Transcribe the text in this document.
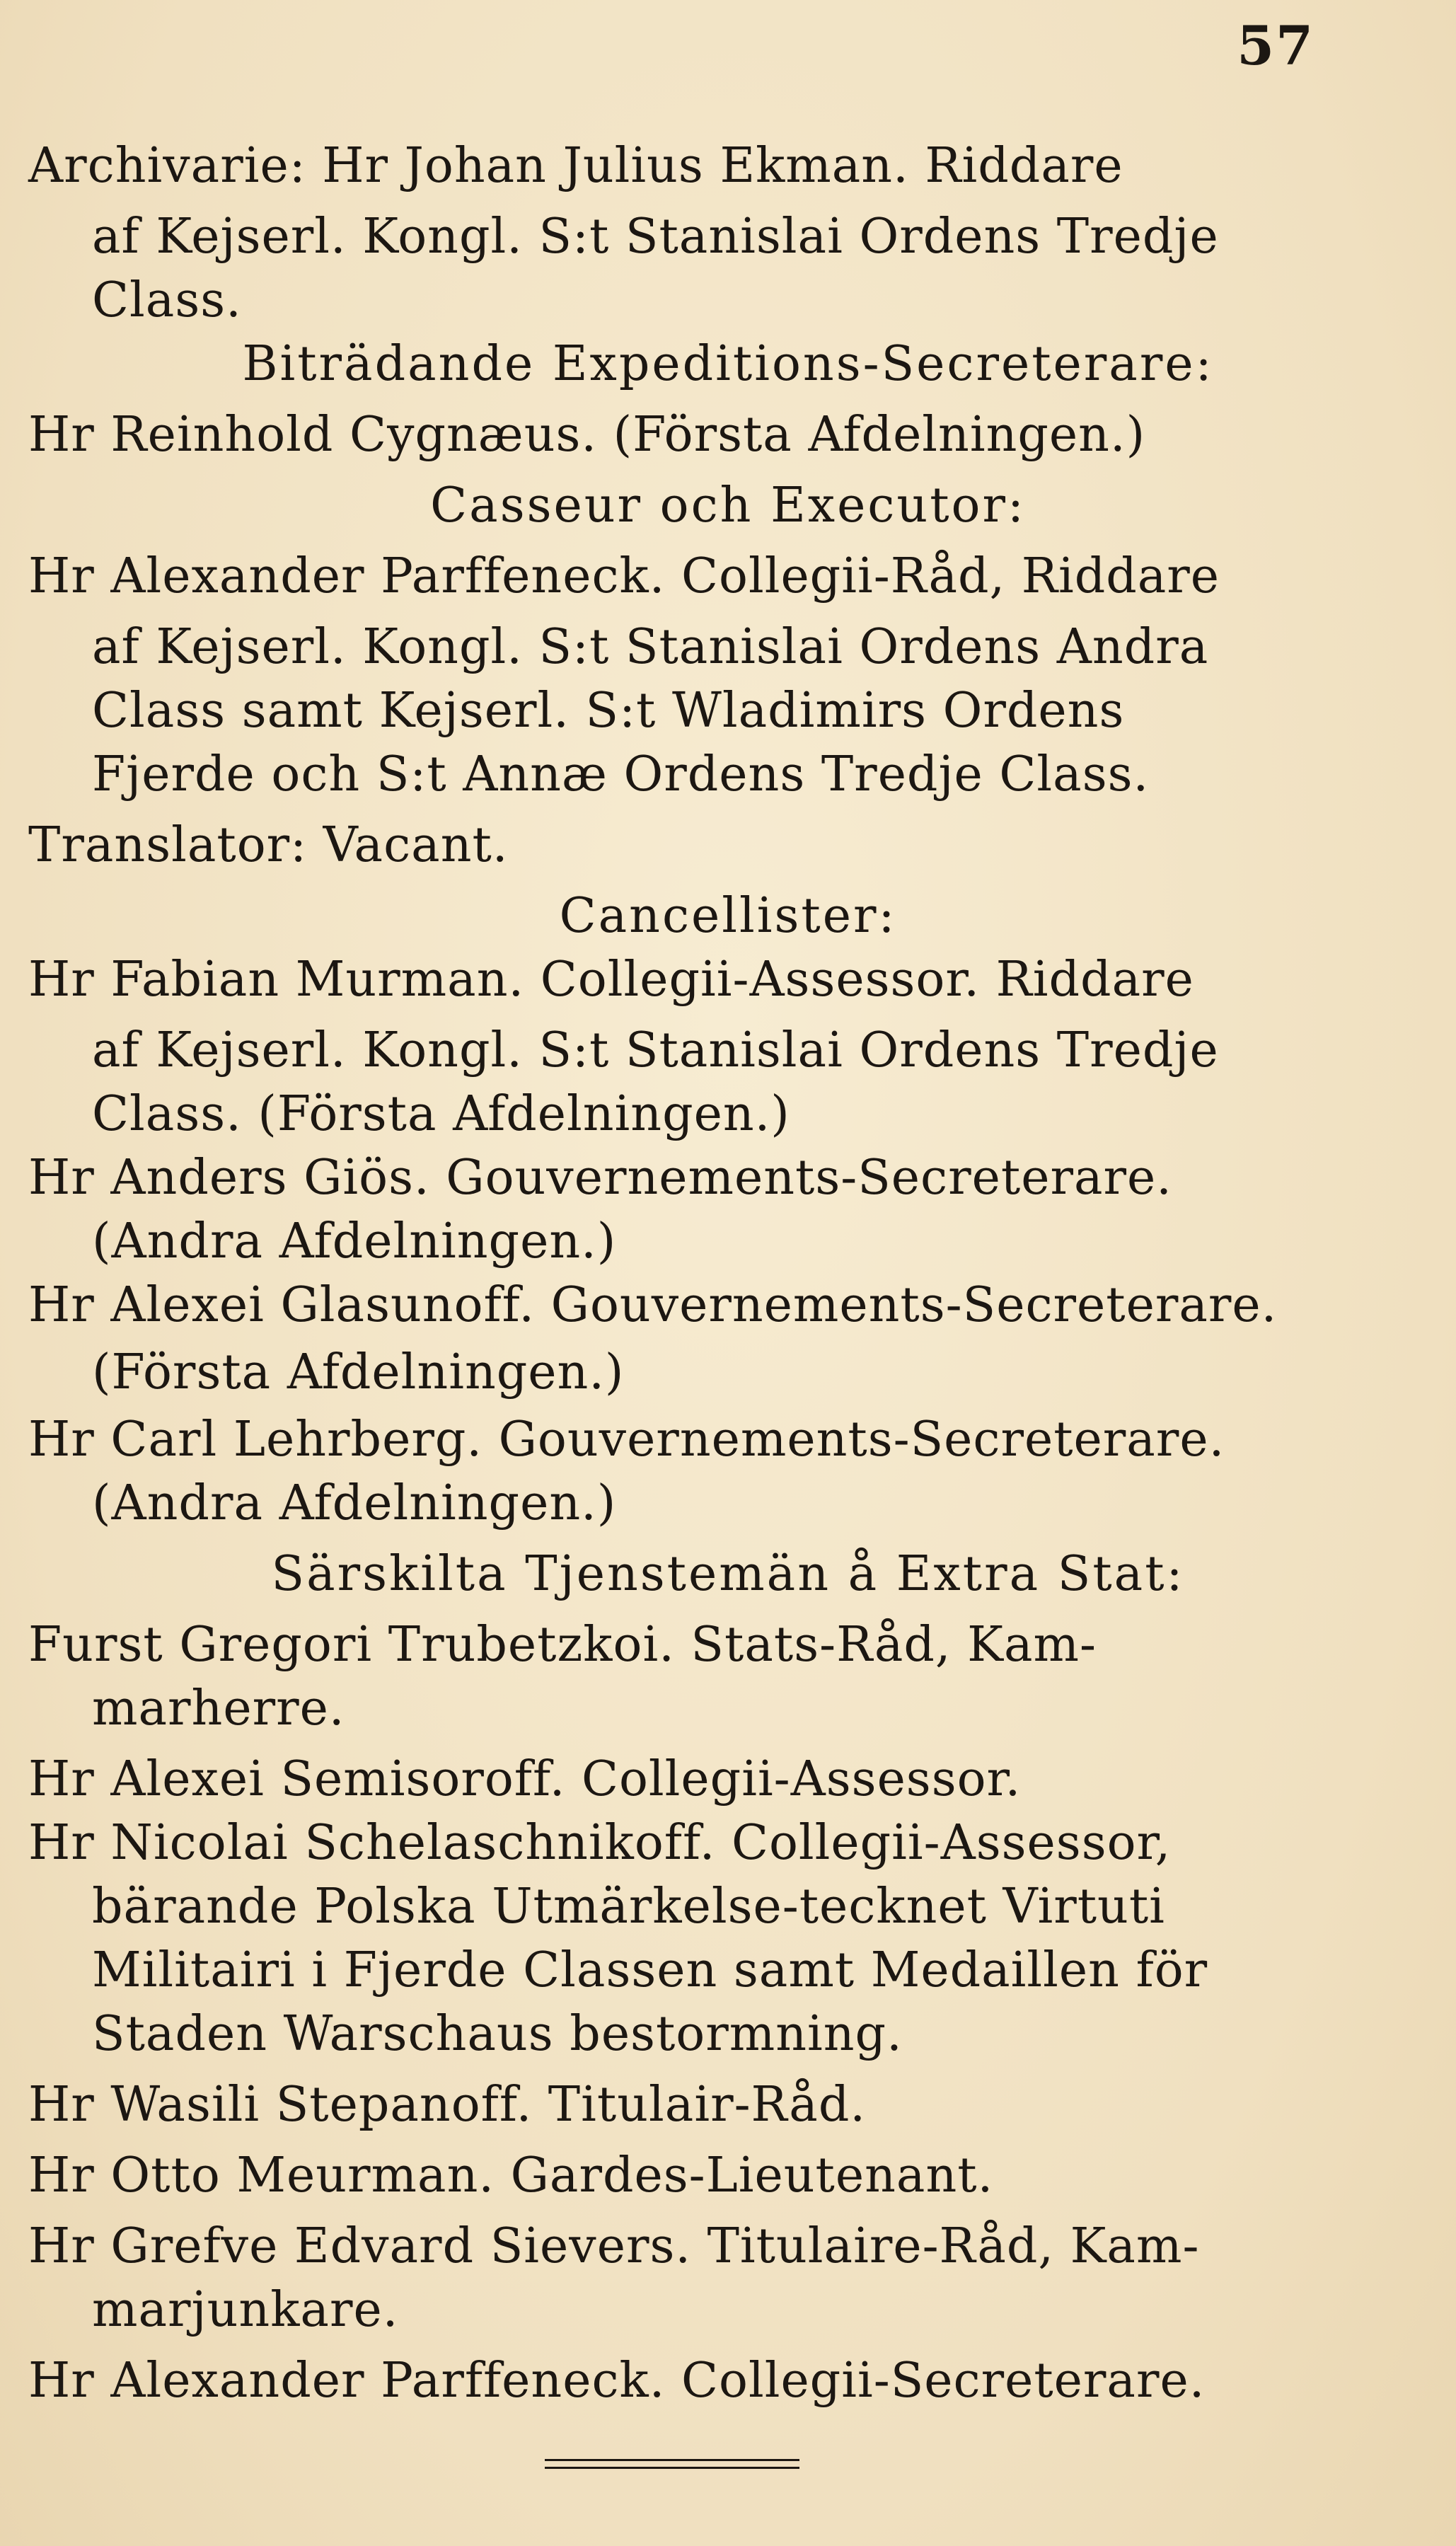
57
Archivarie: Hr Johan Julius Ekman. Riddare
af Kejserl. Kongl. S:t Stanislai Ordens Tredje
Class.
Biträdande Expeditions-Secreterare:
Hr Reinhold Cygnæus. (Första Afdelningen.)
Casseur och Executor:
Hr Alexander Parffeneck. Collegii-Råd, Riddare
af Kejserl. Kongl. S:t Stanislai Ordens Andra
Class samt Kejserl. S:t Wladimirs Ordens
Fjerde och S:t Annæ Ordens Tredje Class.
Translator: Vacant.
Cancellister:
Hr Fabian Murman. Collegii-Assessor. Riddare
af Kejserl. Kongl. S:t Stanislai Ordens Tredje
Class. (Första Afdelningen.)
Hr Anders Giös. Gouvernements-Secreterare.
(Andra Afdelningen.)
Hr Alexei Glasunoff. Gouvernements-Secreterare.
(Första Afdelningen.)
Hr Carl Lehrberg. Gouvernements-Secreterare.
(Andra Afdelningen.)
Särskilta Tjenstemän å Extra Stat:
Furst Gregori Trubetzkoi. Stats-Råd, Kam-
marherre.
Hr Alexei Semisoroff. Collegii-Assessor.
Hr Nicolai Schelaschnikoff. Collegii-Assessor,
bärande Polska Utmärkelse-tecknet Virtuti
Militairi i Fjerde Classen samt Medaillen för
Staden Warschaus bestormning.
Hr Wasili Stepanoff. Titulair-Råd.
Hr Otto Meurman. Gardes-Lieutenant.
Hr Grefve Edvard Sievers. Titulaire-Råd, Kam-
marjunkare.
Hr Alexander Parffeneck. Collegii-Secreterare.
